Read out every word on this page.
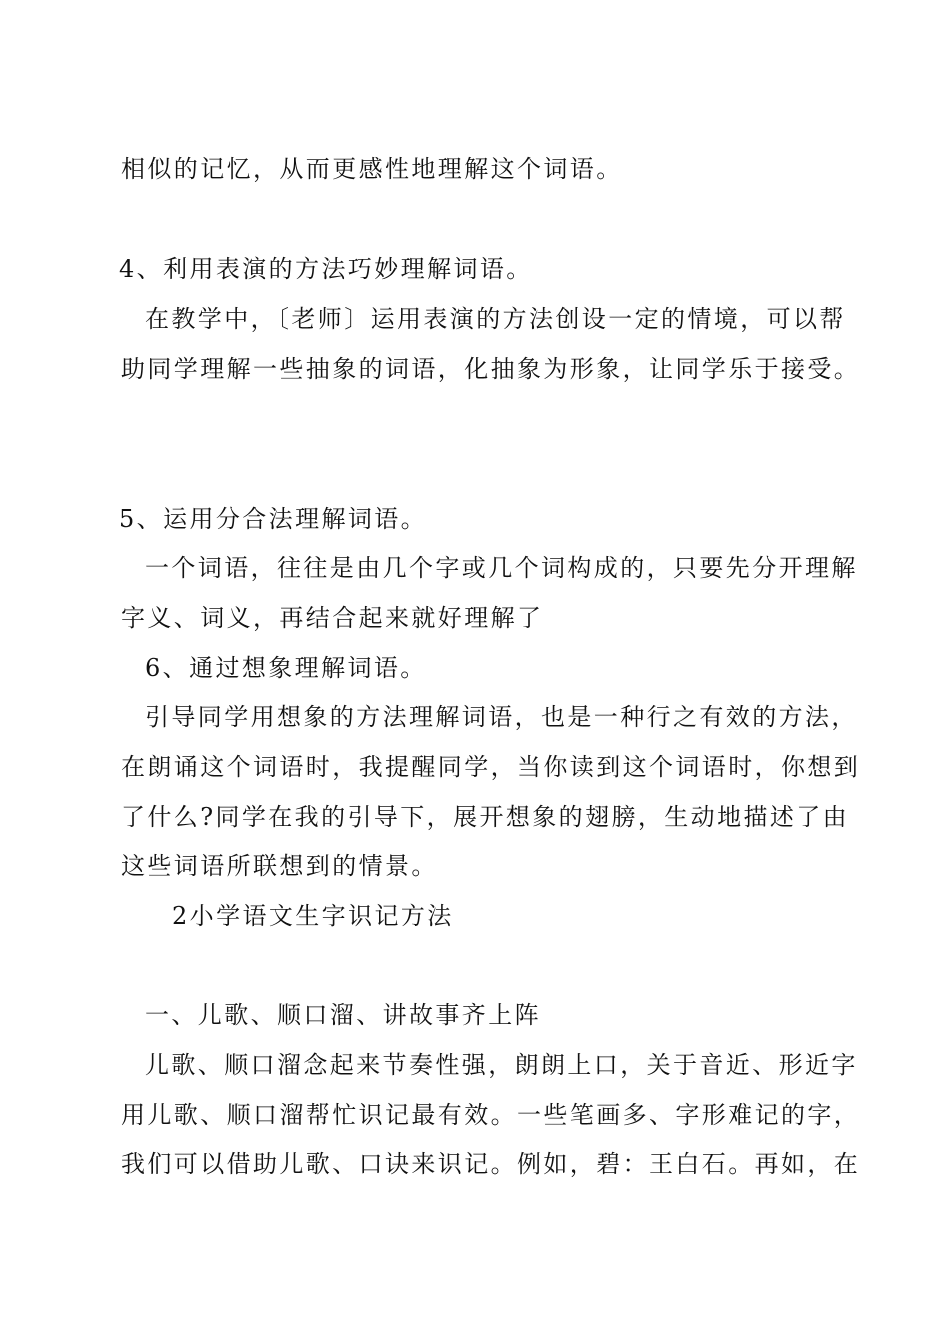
相似的记忆，从而更感性地理解这个词语。
4、利用表演的方法巧妙理解词语。
在教学中，〔老师〕运用表演的方法创设一定的情境，可以帮
助同学理解一些抽象的词语，化抽象为形象，让同学乐于接受。
5、运用分合法理解词语。
一个词语，往往是由几个字或几个词构成的，只要先分开理解
字义、词义，再结合起来就好理解了
6、通过想象理解词语。
引导同学用想象的方法理解词语，也是一种行之有效的方法，
在朗诵这个词语时，我提醒同学，当你读到这个词语时，你想到
了什么?同学在我的引导下，展开想象的翅膀，生动地描述了由
这些词语所联想到的情景。
2小学语文生字识记方法
一、儿歌、顺口溜、讲故事齐上阵
儿歌、顺口溜念起来节奏性强，朗朗上口，关于音近、形近字
用儿歌、顺口溜帮忙识记最有效。一些笔画多、字形难记的字，
我们可以借助儿歌、口诀来识记。例如，碧：王白石。再如，在
